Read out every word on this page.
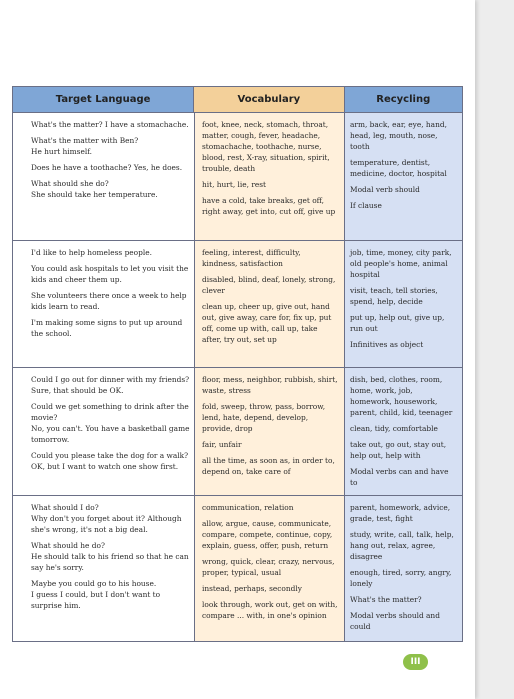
Target Language	Vocabulary	Recycling
What's the matter? I have a stomachache.
What's the matter with Ben?
He hurt himself.
Does he have a toothache? Yes, he does.
What should she do?
She should take her temperature.
foot, knee, neck, stomach, throat, matter, cough, fever, headache, stomachache, toothache, nurse, blood, rest, X-ray, situation, spirit, trouble, death
hit, hurt, lie, rest
have a cold, take breaks, get off, right away, get into, cut off, give up
arm, back, ear, eye, hand, head, leg, mouth, nose, tooth
temperature, dentist, medicine, doctor, hospital
Modal verb should
If clause
I'd like to help homeless people.
You could ask hospitals to let you visit the kids and cheer them up.
She volunteers there once a week to help kids learn to read.
I'm making some signs to put up around the school.
feeling, interest, difficulty, kindness, satisfaction
disabled, blind, deaf, lonely, strong, clever
clean up, cheer up, give out, hand out, give away, care for, fix up, put off, come up with, call up, take after, try out, set up
job, time, money, city park, old people's home, animal hospital
visit, teach, tell stories, spend, help, decide
put up, help out, give up, run out
Infinitives as object
Could I go out for dinner with my friends?
Sure, that should be OK.
Could we get something to drink after the movie?
No, you can't. You have a basketball game tomorrow.
Could you please take the dog for a walk?
OK, but I want to watch one show first.
floor, mess, neighbor, rubbish, shirt, waste, stress
fold, sweep, throw, pass, borrow, lend, hate, depend, develop, provide, drop
fair, unfair
all the time, as soon as, in order to, depend on, take care of
dish, bed, clothes, room, home, work, job, homework, housework, parent, child, kid, teenager
clean, tidy, comfortable
take out, go out, stay out, help out, help with
Modal verbs can and have to
What should I do?
Why don't you forget about it? Although she's wrong, it's not a big deal.
What should he do?
He should talk to his friend so that he can say he's sorry.
Maybe you could go to his house.
I guess I could, but I don't want to surprise him.
communication, relation
allow, argue, cause, communicate, compare, compete, continue, copy, explain, guess, offer, push, return
wrong, quick, clear, crazy, nervous, proper, typical, usual
instead, perhaps, secondly
look through, work out, get on with, compare ... with, in one's opinion
parent, homework, advice, grade, test, fight
study, write, call, talk, help, hang out, relax, agree, disagree
enough, tired, sorry, angry, lonely
What's the matter?
Modal verbs should and could
III
